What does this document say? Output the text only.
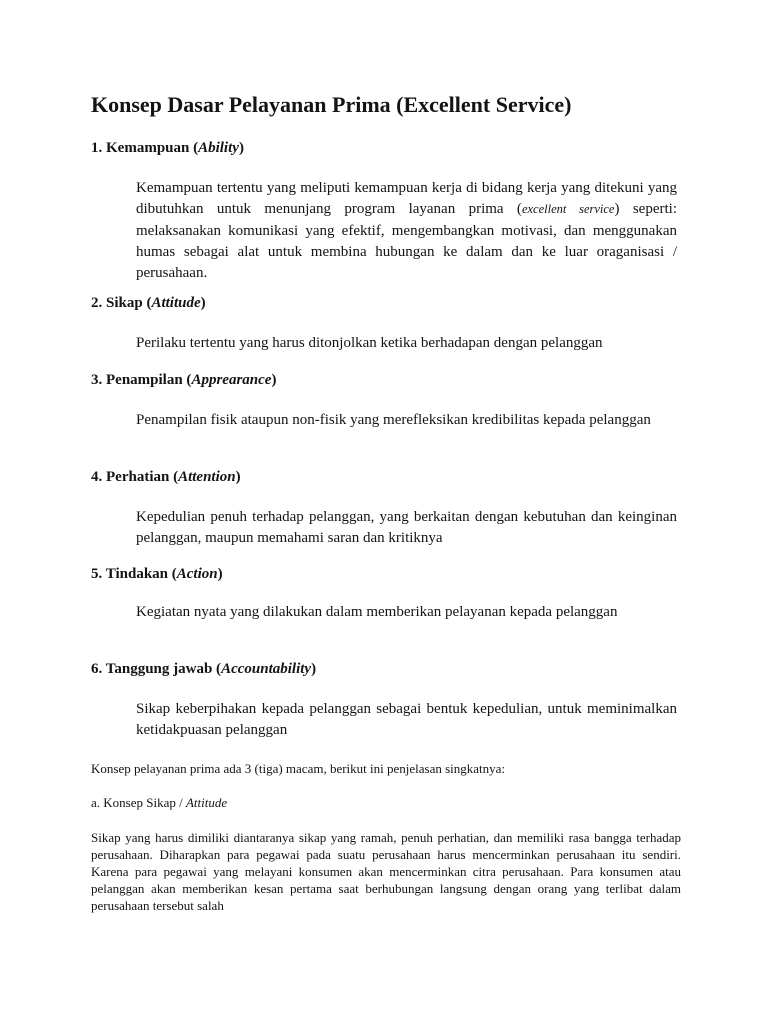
Konsep Dasar Pelayanan Prima (Excellent Service)
1. Kemampuan (Ability)
Kemampuan tertentu yang meliputi kemampuan kerja di bidang kerja yang ditekuni yang dibutuhkan untuk menunjang program layanan prima (excellent service) seperti: melaksanakan komunikasi yang efektif, mengembangkan motivasi, dan menggunakan humas sebagai alat untuk membina hubungan ke dalam dan ke luar oraganisasi / perusahaan.
2. Sikap (Attitude)
Perilaku tertentu yang harus ditonjolkan ketika berhadapan dengan pelanggan
3. Penampilan (Apprearance)
Penampilan fisik ataupun non-fisik yang merefleksikan kredibilitas kepada pelanggan
4. Perhatian (Attention)
Kepedulian penuh terhadap pelanggan, yang berkaitan dengan kebutuhan dan keinginan pelanggan, maupun memahami saran dan kritiknya
5. Tindakan (Action)
Kegiatan nyata yang dilakukan dalam memberikan pelayanan kepada pelanggan
6. Tanggung jawab (Accountability)
Sikap keberpihakan kepada pelanggan sebagai bentuk kepedulian, untuk meminimalkan ketidakpuasan pelanggan
Konsep pelayanan prima ada 3 (tiga) macam, berikut ini penjelasan singkatnya:
a. Konsep Sikap / Attitude
Sikap yang harus dimiliki diantaranya sikap yang ramah, penuh perhatian, dan memiliki rasa bangga terhadap perusahaan. Diharapkan para pegawai pada suatu perusahaan harus mencerminkan perusahaan itu sendiri. Karena para pegawai yang melayani konsumen akan mencerminkan citra perusahaan. Para konsumen atau pelanggan akan memberikan kesan pertama saat berhubungan langsung dengan orang yang terlibat dalam perusahaan tersebut salah
